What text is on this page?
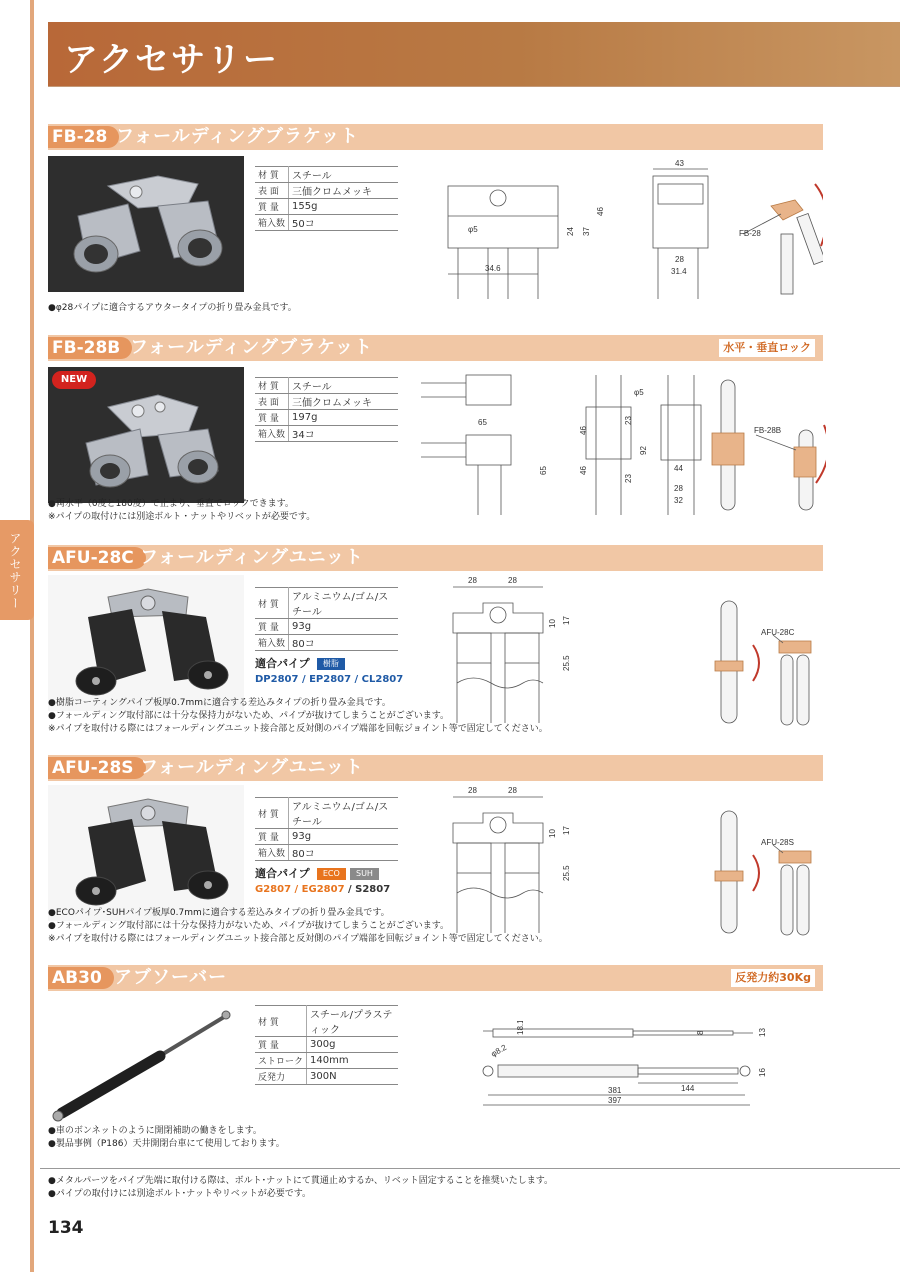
アクセサリー
アクセサリー
FB-28 フォールディングブラケット
材 質	スチール
表 面	三価クロムメッキ
質 量	155g
箱入数	50コ
34.6
24 37
46
φ5
43
28
31.4
FB-28
●φ28パイプに適合するアウタータイプの折り畳み金具です。
FB-28B フォールディングブラケット	水平・垂直ロック
NEW
材 質	スチール
表 面	三価クロムメッキ
質 量	197g
箱入数	34コ
65
65
46
23
92
46
23
φ5
44
28
32
FB-28B
●両水平（0度と180度）で止まり、垂直でロックできます。
※パイプの取付けには別途ボルト・ナットやリベットが必要です。
AFU-28C フォールディングユニット
材 質	アルミニウム/ゴム/スチール
質 量	93g
箱入数	80コ
適合パイプ 樹脂
DP2807 / EP2807 / CL2807
28	28
10 17
25.5
AFU-28C
●樹脂コーティングパイプ板厚0.7mmに適合する差込みタイプの折り畳み金具です。
●フォールディング取付部には十分な保持力がないため、パイプが抜けてしまうことがございます。
※パイプを取付ける際にはフォールディングユニット接合部と反対側のパイプ端部を回転ジョイント等で固定してください。
AFU-28S フォールディングユニット
材 質	アルミニウム/ゴム/スチール
質 量	93g
箱入数	80コ
適合パイプ ECO SUH
G2807 / EG2807 / S2807
28	28
10 17
25.5
AFU-28S
●ECOパイプ･SUHパイプ板厚0.7mmに適合する差込みタイプの折り畳み金具です。
●フォールディング取付部には十分な保持力がないため、パイプが抜けてしまうことがございます。
※パイプを取付ける際にはフォールディングユニット接合部と反対側のパイプ端部を回転ジョイント等で固定してください。
AB30 アブソーバー	反発力約30Kg
材 質	スチール/プラスティック
質 量	300g
ストローク	140mm
反発力	300N
18.1	8	13
φ8.2
16
144
381
397
●車のボンネットのように開閉補助の働きをします。
●製品事例（P186）天井開閉台車にて使用しております。
●メタルパーツをパイプ先端に取付ける際は、ボルト･ナットにて貫通止めするか、リベット固定することを推奨いたします。
●パイプの取付けには別途ボルト･ナットやリベットが必要です。
134
